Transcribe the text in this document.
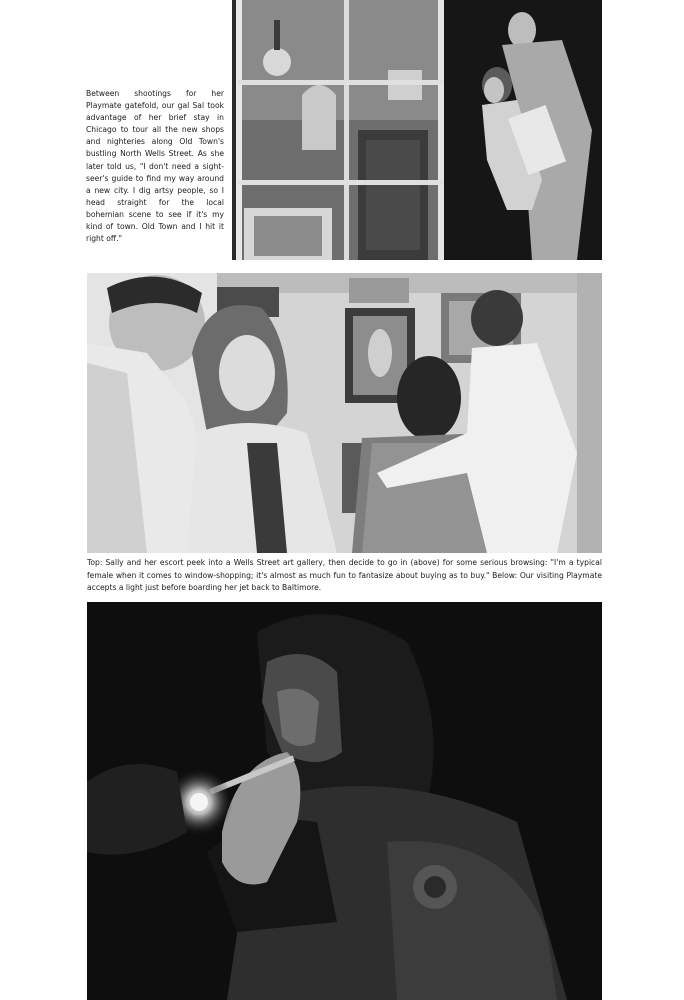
Between shootings for her Playmate gatefold, our gal Sal took advantage of her brief stay in Chicago to tour all the new shops and nighteries along Old Town's bustling North Wells Street. As she later told us, "I don't need a sight-seer's guide to find my way around a new city. I dig artsy people, so I head straight for the local bohemian scene to see if it's my kind of town. Old Town and I hit it right off."

Top: Sally and her escort peek into a Wells Street art gallery, then decide to go in (above) for some serious browsing: "I'm a typical female when it comes to window-shopping; it's almost as much fun to fantasize about buying as to buy." Below: Our visiting Playmate accepts a light just before boarding her jet back to Baltimore.
